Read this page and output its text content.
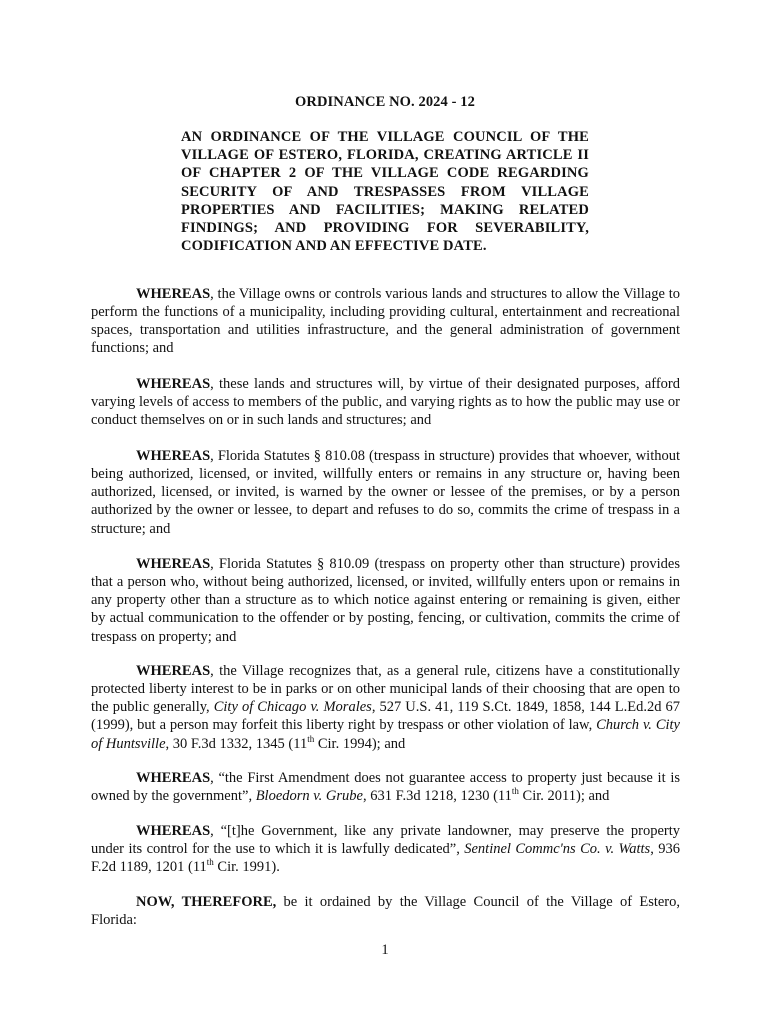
ORDINANCE NO. 2024 - 12
AN ORDINANCE OF THE VILLAGE COUNCIL OF THE VILLAGE OF ESTERO, FLORIDA, CREATING ARTICLE II OF CHAPTER 2 OF THE VILLAGE CODE REGARDING SECURITY OF AND TRESPASSES FROM VILLAGE PROPERTIES AND FACILITIES; MAKING RELATED FINDINGS; AND PROVIDING FOR SEVERABILITY, CODIFICATION AND AN EFFECTIVE DATE.

WHEREAS, the Village owns or controls various lands and structures to allow the Village to perform the functions of a municipality, including providing cultural, entertainment and recreational spaces, transportation and utilities infrastructure, and the general administration of government functions; and

WHEREAS, these lands and structures will, by virtue of their designated purposes, afford varying levels of access to members of the public, and varying rights as to how the public may use or conduct themselves on or in such lands and structures; and

WHEREAS, Florida Statutes § 810.08 (trespass in structure) provides that whoever, without being authorized, licensed, or invited, willfully enters or remains in any structure or, having been authorized, licensed, or invited, is warned by the owner or lessee of the premises, or by a person authorized by the owner or lessee, to depart and refuses to do so, commits the crime of trespass in a structure; and

WHEREAS, Florida Statutes § 810.09 (trespass on property other than structure) provides that a person who, without being authorized, licensed, or invited, willfully enters upon or remains in any property other than a structure as to which notice against entering or remaining is given, either by actual communication to the offender or by posting, fencing, or cultivation, commits the crime of trespass on property; and

WHEREAS, the Village recognizes that, as a general rule, citizens have a constitutionally protected liberty interest to be in parks or on other municipal lands of their choosing that are open to the public generally, City of Chicago v. Morales, 527 U.S. 41, 119 S.Ct. 1849, 1858, 144 L.Ed.2d 67 (1999), but a person may forfeit this liberty right by trespass or other violation of law, Church v. City of Huntsville, 30 F.3d 1332, 1345 (11th Cir. 1994); and

WHEREAS, “the First Amendment does not guarantee access to property just because it is owned by the government”, Bloedorn v. Grube, 631 F.3d 1218, 1230 (11th Cir. 2011); and

WHEREAS, “[t]he Government, like any private landowner, may preserve the property under its control for the use to which it is lawfully dedicated”, Sentinel Commc'ns Co. v. Watts, 936 F.2d 1189, 1201 (11th Cir. 1991).

NOW, THEREFORE, be it ordained by the Village Council of the Village of Estero, Florida:

1
